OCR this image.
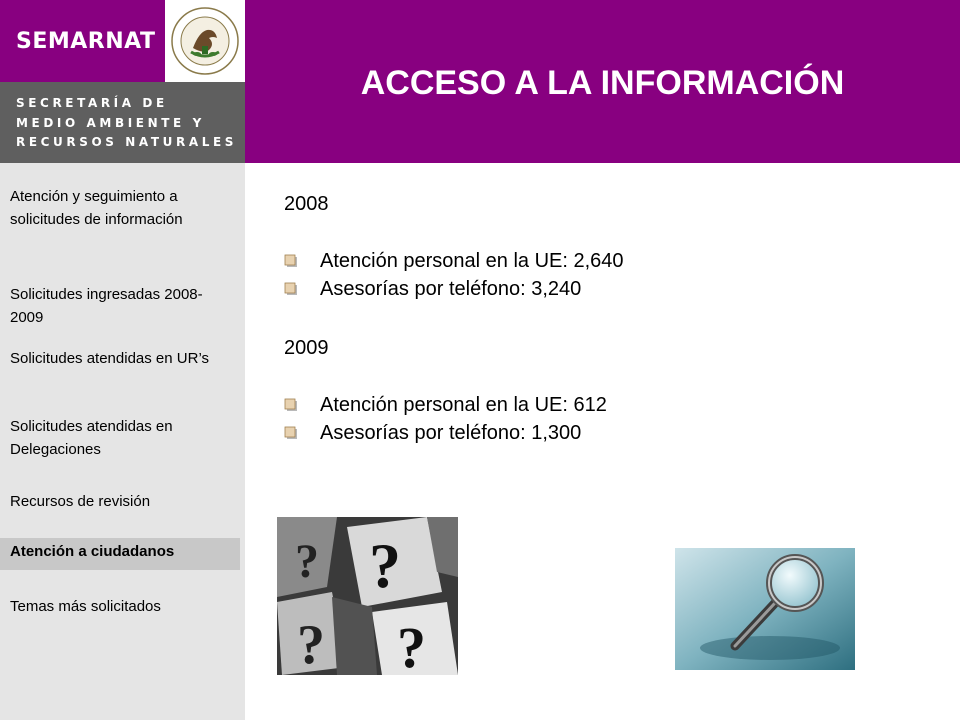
SEMARNAT
SECRETARÍA DE
MEDIO AMBIENTE Y
RECURSOS NATURALES
ACCESO A LA INFORMACIÓN
Atención y seguimiento a solicitudes de información
Solicitudes ingresadas 2008-2009
Solicitudes atendidas en UR’s
Solicitudes atendidas en Delegaciones
Recursos de revisión
Atención a ciudadanos
Temas más solicitados
2008
Atención personal en la UE: 2,640
Asesorías por teléfono: 3,240
2009
Atención personal en la UE: 612
Asesorías por teléfono: 1,300
?
?
? ?
